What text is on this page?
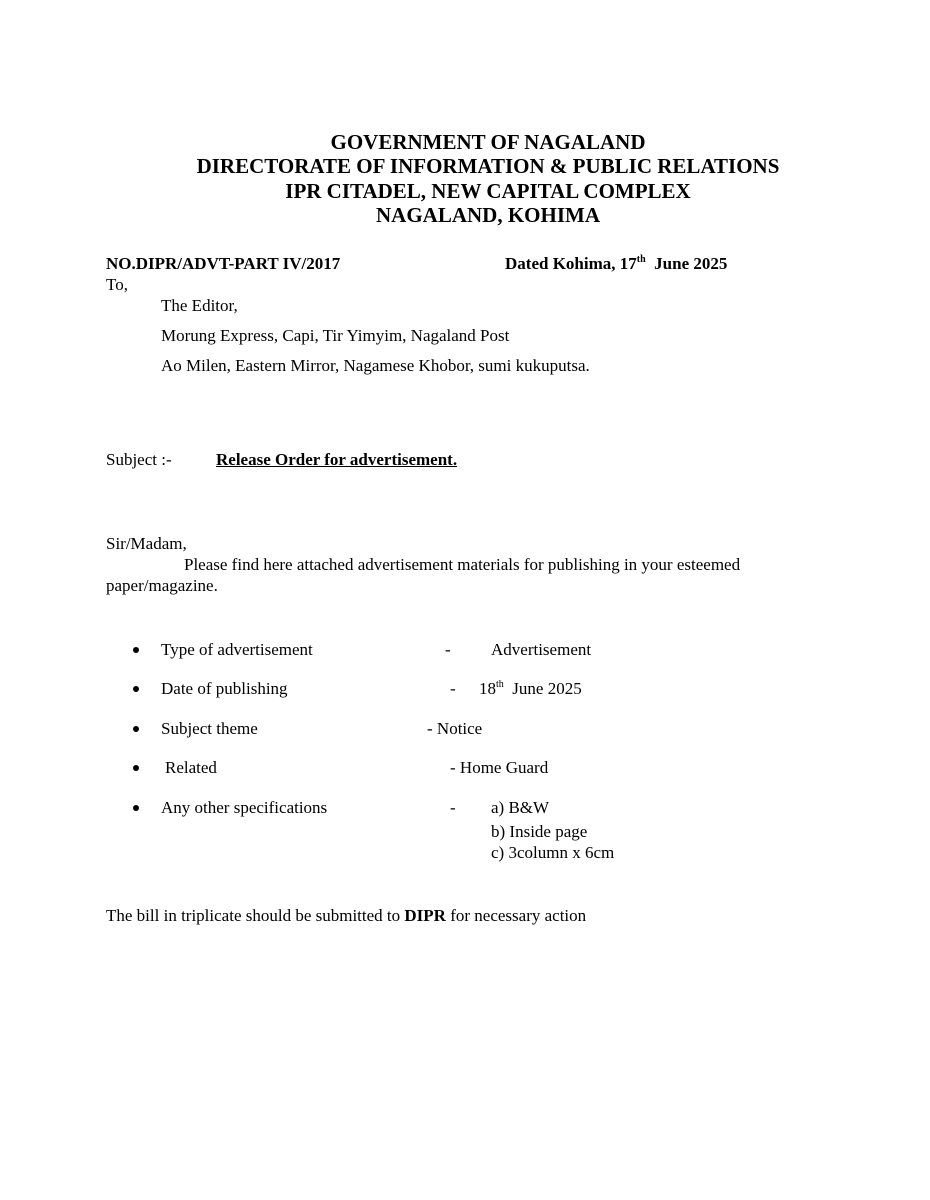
GOVERNMENT OF NAGALAND
DIRECTORATE OF INFORMATION & PUBLIC RELATIONS
IPR CITADEL, NEW CAPITAL COMPLEX
NAGALAND, KOHIMA
NO.DIPR/ADVT-PART IV/2017	Dated Kohima, 17th June 2025
To,
The Editor,
Morung Express, Capi, Tir Yimyim, Nagaland Post
Ao Milen, Eastern Mirror, Nagamese Khobor, sumi kukuputsa.
Subject :-	Release Order for advertisement.
Sir/Madam,
Please find here attached advertisement materials for publishing in your esteemed
paper/magazine.
Type of advertisement	- Advertisement
Date of publishing	- 18th June 2025
Subject theme	- Notice
Related	- Home Guard
Any other specifications	- a) B&W
b) Inside page
c) 3column x 6cm
The bill in triplicate should be submitted to DIPR for necessary action
